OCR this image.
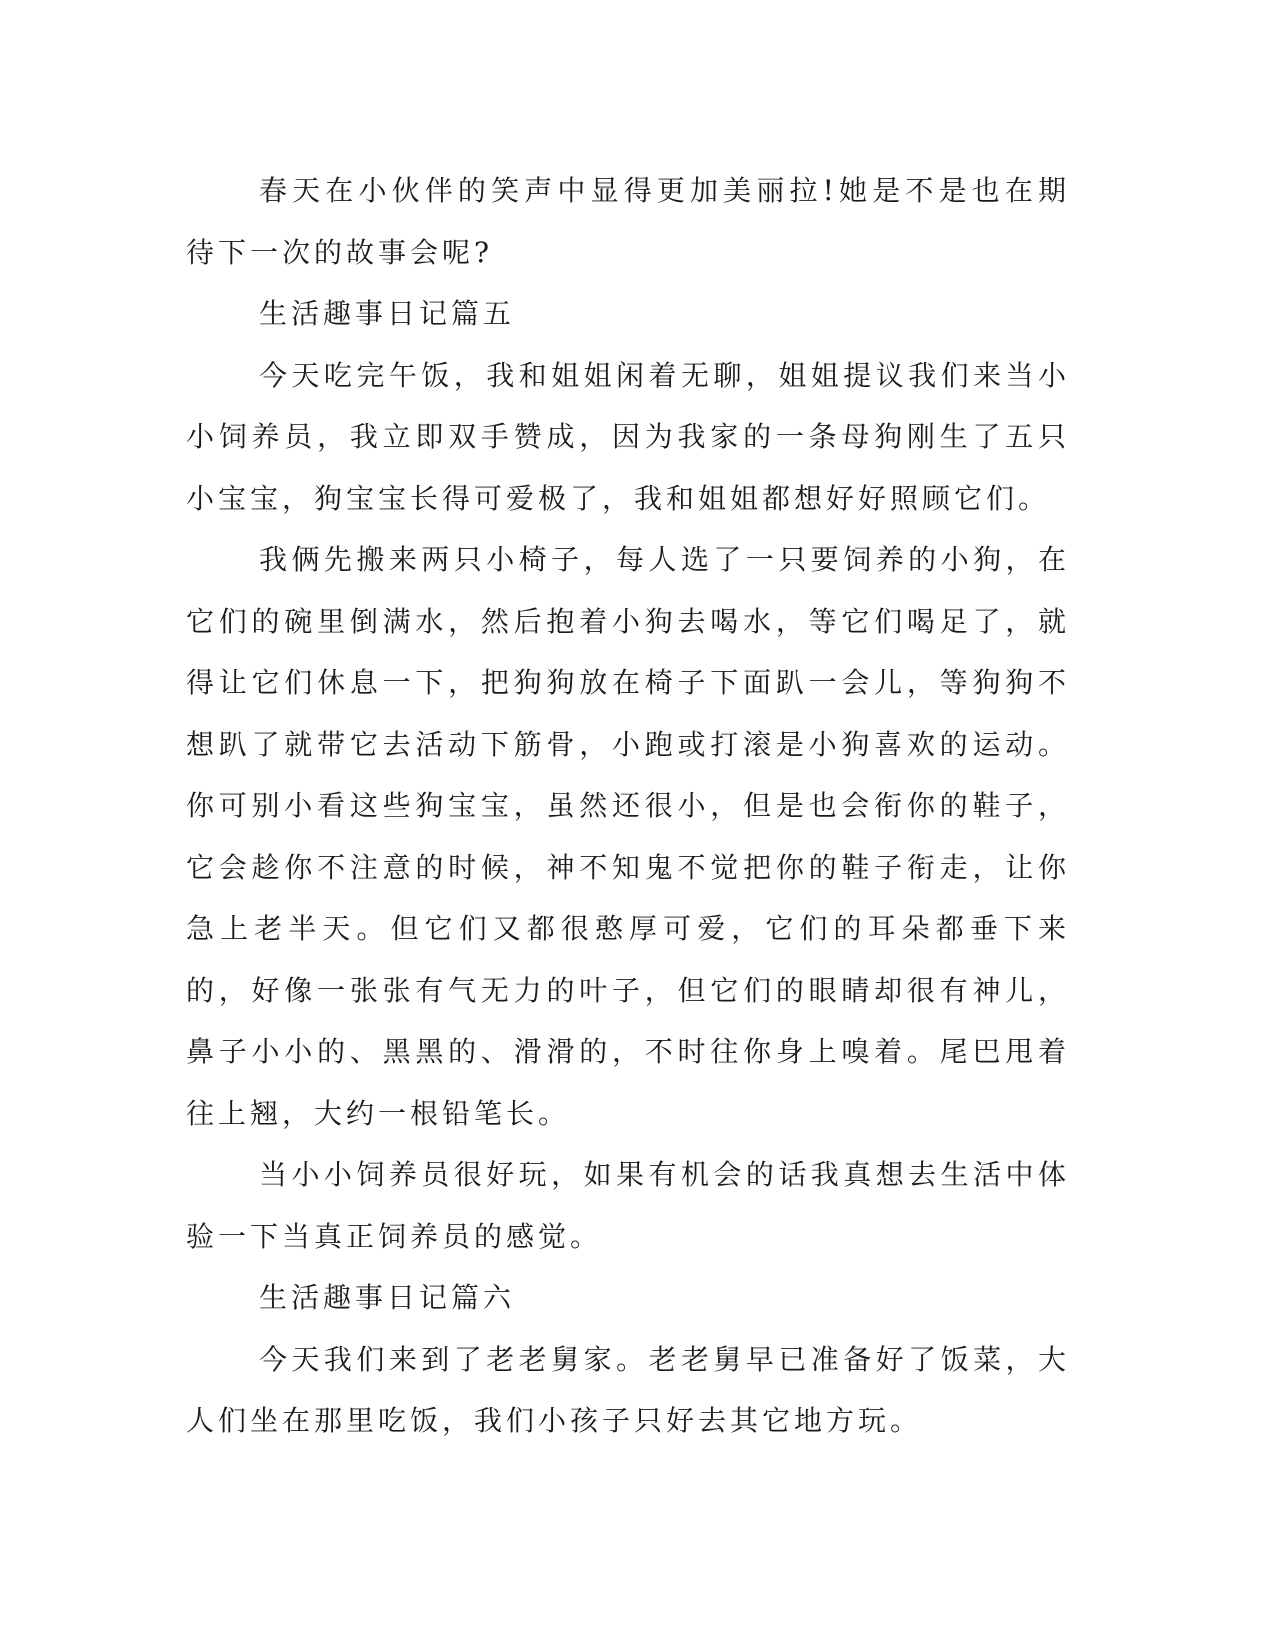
春天在小伙伴的笑声中显得更加美丽拉!她是不是也在期待下一次的故事会呢?

生活趣事日记篇五

今天吃完午饭，我和姐姐闲着无聊，姐姐提议我们来当小小饲养员，我立即双手赞成，因为我家的一条母狗刚生了五只小宝宝，狗宝宝长得可爱极了，我和姐姐都想好好照顾它们。

我俩先搬来两只小椅子，每人选了一只要饲养的小狗，在它们的碗里倒满水，然后抱着小狗去喝水，等它们喝足了，就得让它们休息一下，把狗狗放在椅子下面趴一会儿，等狗狗不想趴了就带它去活动下筋骨，小跑或打滚是小狗喜欢的运动。你可别小看这些狗宝宝，虽然还很小，但是也会衔你的鞋子，它会趁你不注意的时候，神不知鬼不觉把你的鞋子衔走，让你急上老半天。但它们又都很憨厚可爱，它们的耳朵都垂下来的，好像一张张有气无力的叶子，但它们的眼睛却很有神儿，鼻子小小的、黑黑的、滑滑的，不时往你身上嗅着。尾巴甩着往上翘，大约一根铅笔长。

当小小饲养员很好玩，如果有机会的话我真想去生活中体验一下当真正饲养员的感觉。

生活趣事日记篇六

今天我们来到了老老舅家。老老舅早已准备好了饭菜，大人们坐在那里吃饭，我们小孩子只好去其它地方玩。
